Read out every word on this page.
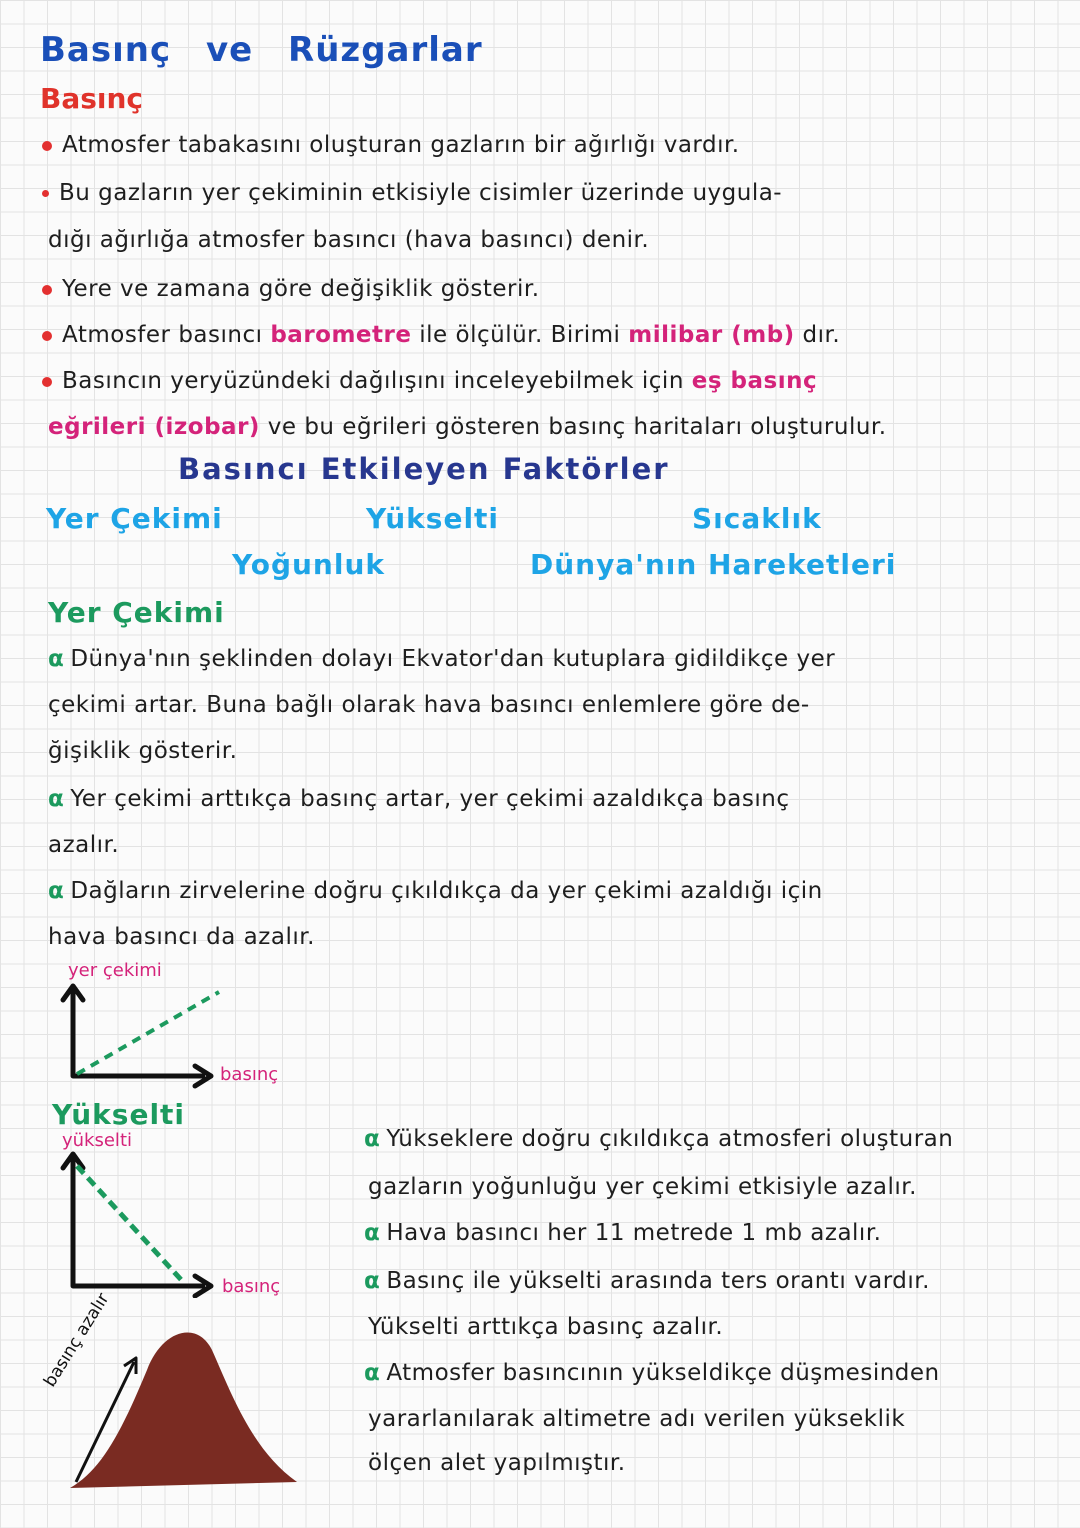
Basınç ve Rüzgarlar
Basınç
Atmosfer tabakasını oluşturan gazların bir ağırlığı vardır.
Bu gazların yer çekiminin etkisiyle cisimler üzerinde uygula-
dığı ağırlığa atmosfer basıncı (hava basıncı) denir.
Yere ve zamana göre değişiklik gösterir.
Atmosfer basıncı barometre ile ölçülür. Birimi milibar (mb) dır.
Basıncın yeryüzündeki dağılışını inceleyebilmek için eş basınç
eğrileri (izobar) ve bu eğrileri gösteren basınç haritaları oluşturulur.
Basıncı Etkileyen Faktörler
Yer Çekimi	Yükselti	Sıcaklık
Yoğunluk	Dünya'nın Hareketleri
Yer Çekimi
α Dünya'nın şeklinden dolayı Ekvator'dan kutuplara gidildikçe yer
çekimi artar. Buna bağlı olarak hava basıncı enlemlere göre de-
ğişiklik gösterir.
α Yer çekimi arttıkça basınç artar, yer çekimi azaldıkça basınç
azalır.
α Dağların zirvelerine doğru çıkıldıkça da yer çekimi azaldığı için
hava basıncı da azalır.
yer çekimi
basınç
Yükselti
yükselti
basınç
basınç azalır
α Yükseklere doğru çıkıldıkça atmosferi oluşturan
gazların yoğunluğu yer çekimi etkisiyle azalır.
α Hava basıncı her 11 metrede 1 mb azalır.
α Basınç ile yükselti arasında ters orantı vardır.
Yükselti arttıkça basınç azalır.
α Atmosfer basıncının yükseldikçe düşmesinden
yararlanılarak altimetre adı verilen yükseklik
ölçen alet yapılmıştır.
